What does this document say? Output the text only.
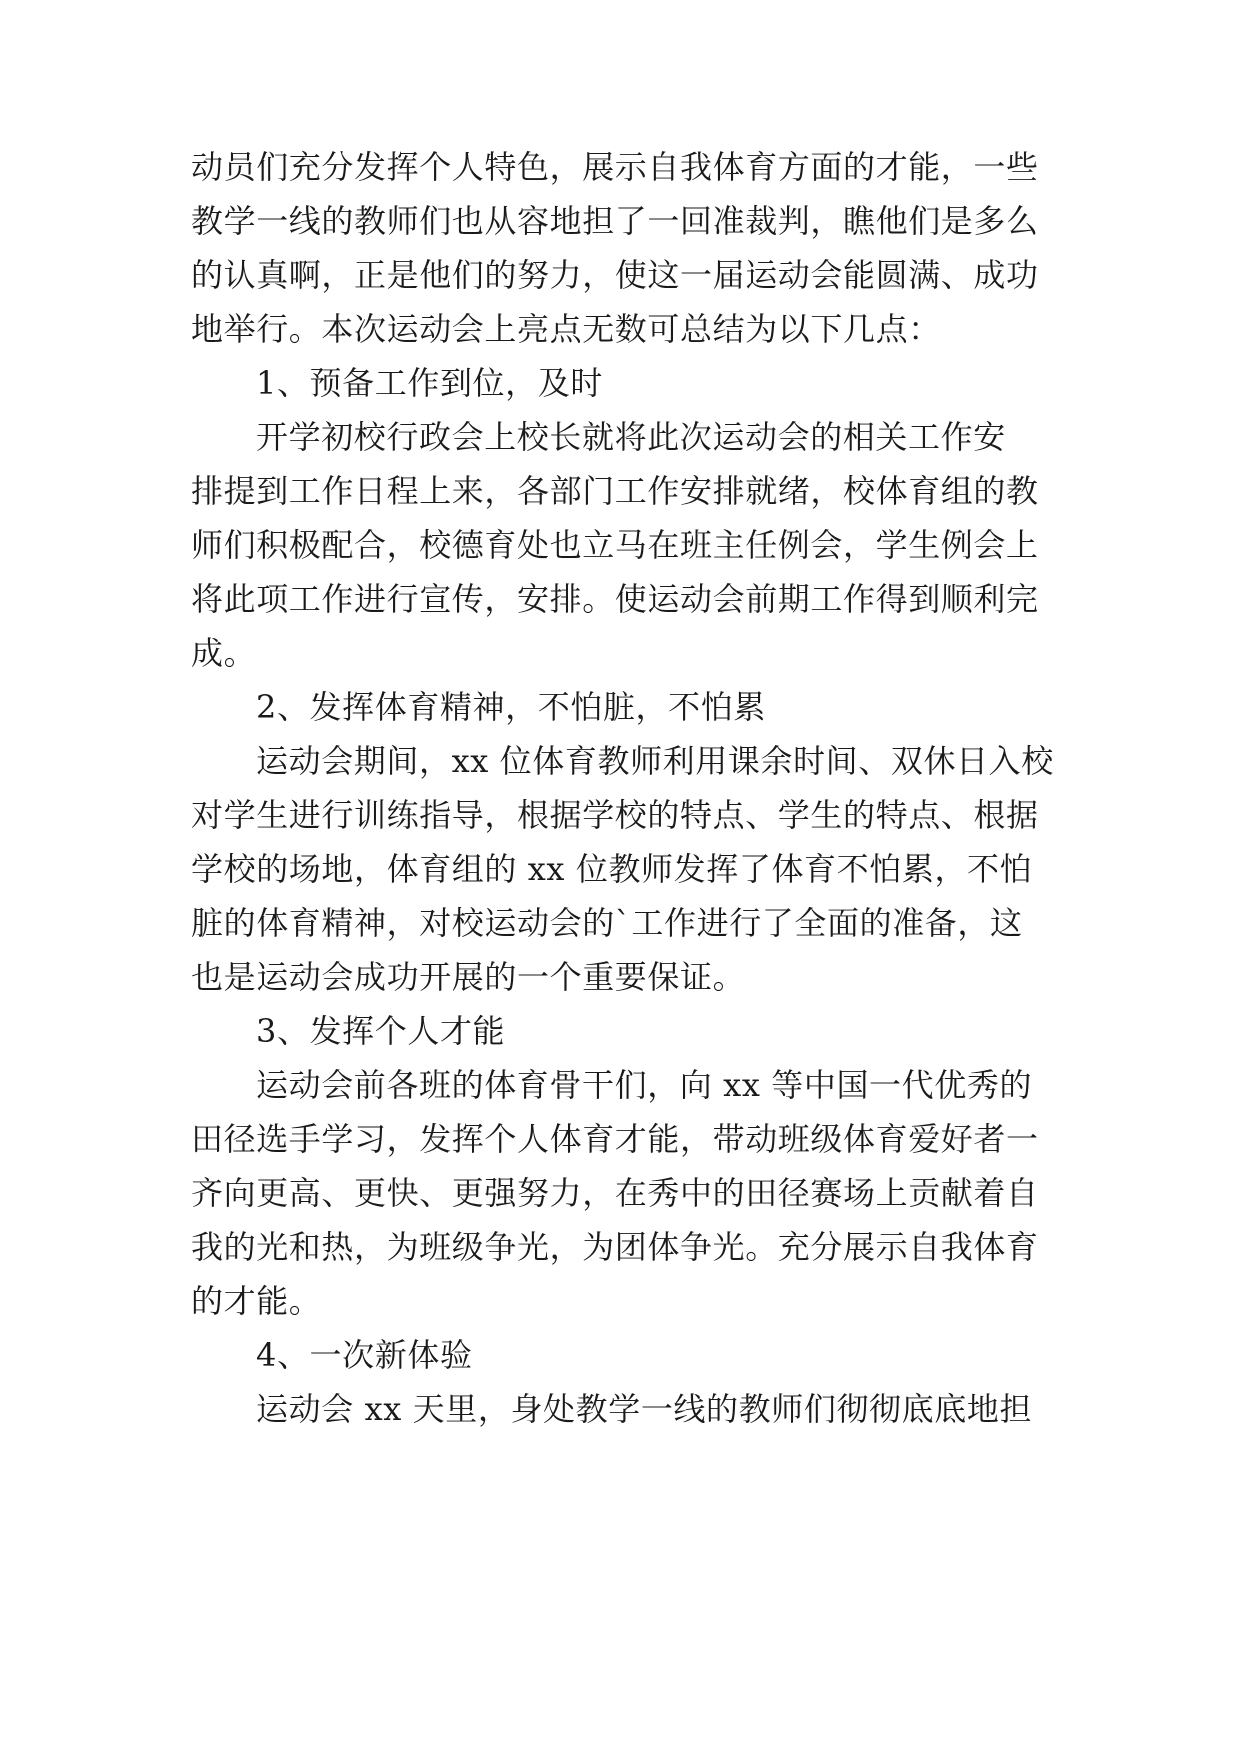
动员们充分发挥个人特色，展示自我体育方面的才能，一些
教学一线的教师们也从容地担了一回准裁判，瞧他们是多么
的认真啊，正是他们的努力，使这一届运动会能圆满、成功
地举行。本次运动会上亮点无数可总结为以下几点：
1、预备工作到位，及时
开学初校行政会上校长就将此次运动会的相关工作安
排提到工作日程上来，各部门工作安排就绪，校体育组的教
师们积极配合，校德育处也立马在班主任例会，学生例会上
将此项工作进行宣传，安排。使运动会前期工作得到顺利完
成。
2、发挥体育精神，不怕脏，不怕累
运动会期间，xx 位体育教师利用课余时间、双休日入校
对学生进行训练指导，根据学校的特点、学生的特点、根据
学校的场地，体育组的 xx 位教师发挥了体育不怕累，不怕
脏的体育精神，对校运动会的`工作进行了全面的准备，这
也是运动会成功开展的一个重要保证。
3、发挥个人才能
运动会前各班的体育骨干们，向 xx 等中国一代优秀的
田径选手学习，发挥个人体育才能，带动班级体育爱好者一
齐向更高、更快、更强努力，在秀中的田径赛场上贡献着自
我的光和热，为班级争光，为团体争光。充分展示自我体育
的才能。
4、一次新体验
运动会 xx 天里，身处教学一线的教师们彻彻底底地担
